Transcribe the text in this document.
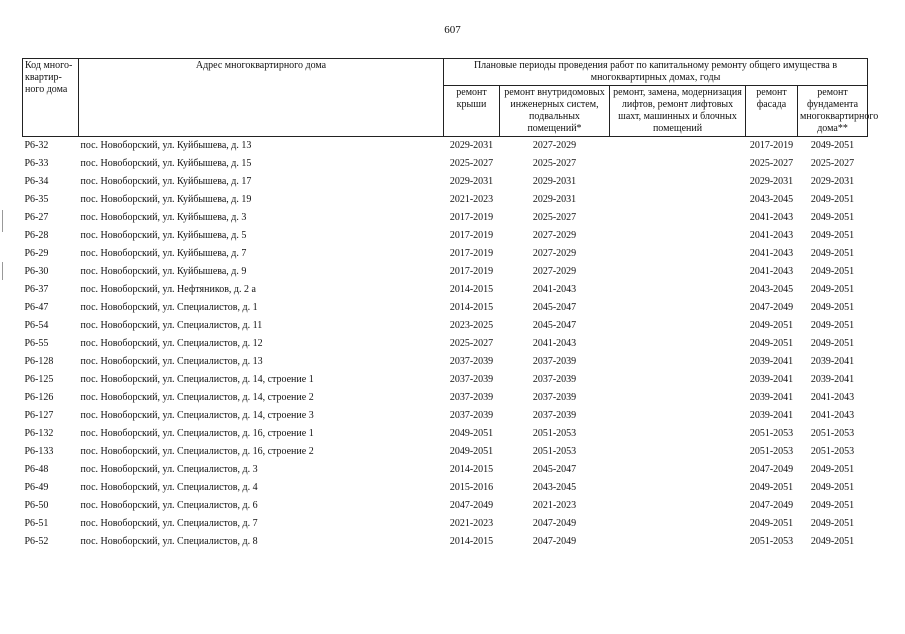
607
Код много-квартир-ного дома	Адрес многоквартирного дома	Плановые периоды проведения работ по капитальному ремонту общего имущества в многоквартирных домах, годы				
		ремонт крыши	ремонт внутридомовых инженерных систем, подвальных помещений*	ремонт, замена, модернизация лифтов, ремонт лифтовых шахт, машинных и блочных помещений	ремонт фасада	ремонт фундамента многоквартирного дома**
Р6-32	пос. Новоборский, ул. Куйбышева, д. 13	2029-2031	2027-2029		2017-2019	2049-2051
Р6-33	пос. Новоборский, ул. Куйбышева, д. 15	2025-2027	2025-2027		2025-2027	2025-2027
Р6-34	пос. Новоборский, ул. Куйбышева, д. 17	2029-2031	2029-2031		2029-2031	2029-2031
Р6-35	пос. Новоборский, ул. Куйбышева, д. 19	2021-2023	2029-2031		2043-2045	2049-2051
Р6-27	пос. Новоборский, ул. Куйбышева, д. 3	2017-2019	2025-2027		2041-2043	2049-2051
Р6-28	пос. Новоборский, ул. Куйбышева, д. 5	2017-2019	2027-2029		2041-2043	2049-2051
Р6-29	пос. Новоборский, ул. Куйбышева, д. 7	2017-2019	2027-2029		2041-2043	2049-2051
Р6-30	пос. Новоборский, ул. Куйбышева, д. 9	2017-2019	2027-2029		2041-2043	2049-2051
Р6-37	пос. Новоборский, ул. Нефтяников, д. 2 а	2014-2015	2041-2043		2043-2045	2049-2051
Р6-47	пос. Новоборский, ул. Специалистов, д. 1	2014-2015	2045-2047		2047-2049	2049-2051
Р6-54	пос. Новоборский, ул. Специалистов, д. 11	2023-2025	2045-2047		2049-2051	2049-2051
Р6-55	пос. Новоборский, ул. Специалистов, д. 12	2025-2027	2041-2043		2049-2051	2049-2051
Р6-128	пос. Новоборский, ул. Специалистов, д. 13	2037-2039	2037-2039		2039-2041	2039-2041
Р6-125	пос. Новоборский, ул. Специалистов, д. 14, строение 1	2037-2039	2037-2039		2039-2041	2039-2041
Р6-126	пос. Новоборский, ул. Специалистов, д. 14, строение 2	2037-2039	2037-2039		2039-2041	2041-2043
Р6-127	пос. Новоборский, ул. Специалистов, д. 14, строение 3	2037-2039	2037-2039		2039-2041	2041-2043
Р6-132	пос. Новоборский, ул. Специалистов, д. 16, строение 1	2049-2051	2051-2053		2051-2053	2051-2053
Р6-133	пос. Новоборский, ул. Специалистов, д. 16, строение 2	2049-2051	2051-2053		2051-2053	2051-2053
Р6-48	пос. Новоборский, ул. Специалистов, д. 3	2014-2015	2045-2047		2047-2049	2049-2051
Р6-49	пос. Новоборский, ул. Специалистов, д. 4	2015-2016	2043-2045		2049-2051	2049-2051
Р6-50	пос. Новоборский, ул. Специалистов, д. 6	2047-2049	2021-2023		2047-2049	2049-2051
Р6-51	пос. Новоборский, ул. Специалистов, д. 7	2021-2023	2047-2049		2049-2051	2049-2051
Р6-52	пос. Новоборский, ул. Специалистов, д. 8	2014-2015	2047-2049		2051-2053	2049-2051
